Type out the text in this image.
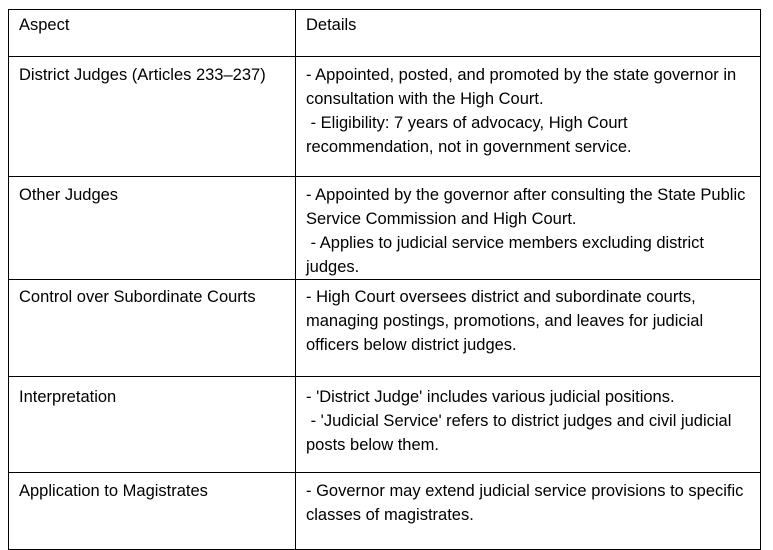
Aspect	Details
District Judges (Articles 233–237)	- Appointed, posted, and promoted by the state governor in consultation with the High Court.
- Eligibility: 7 years of advocacy, High Court recommendation, not in government service.

Other Judges	- Appointed by the governor after consulting the State Public Service Commission and High Court.
- Applies to judicial service members excluding district judges.

Control over Subordinate Courts	- High Court oversees district and subordinate courts, managing postings, promotions, and leaves for judicial officers below district judges.

Interpretation	- 'District Judge' includes various judicial positions.
- 'Judicial Service' refers to district judges and civil judicial posts below them.

Application to Magistrates	- Governor may extend judicial service provisions to specific classes of magistrates.
